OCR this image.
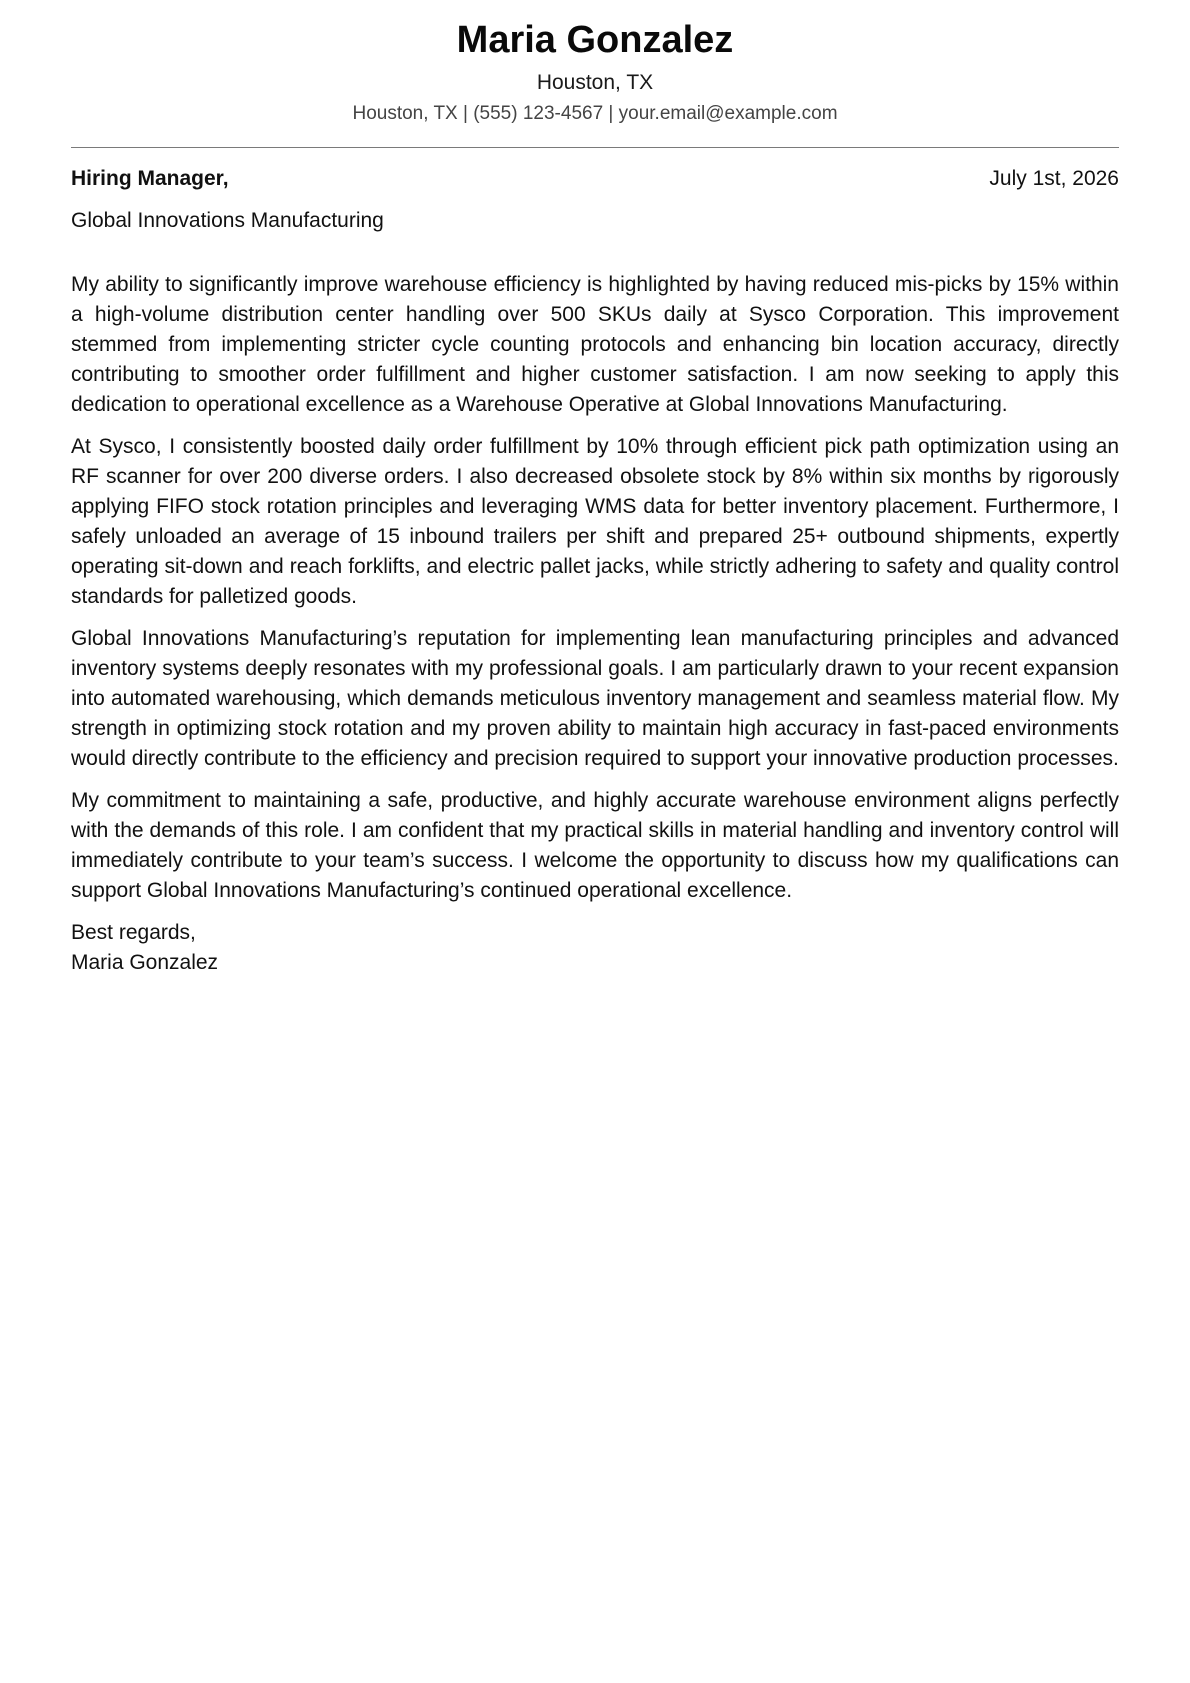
Maria Gonzalez
Houston, TX
Houston, TX | (555) 123-4567 | your.email@example.com
Hiring Manager,	July 1st, 2026
Global Innovations Manufacturing

My ability to significantly improve warehouse efficiency is highlighted by having reduced mis-picks by 15% within a high-volume distribution center handling over 500 SKUs daily at Sysco Corporation. This improvement stemmed from implementing stricter cycle counting protocols and enhancing bin location accuracy, directly contributing to smoother order fulfillment and higher customer satisfaction. I am now seeking to apply this dedication to operational excellence as a Warehouse Operative at Global Innovations Manufacturing.

At Sysco, I consistently boosted daily order fulfillment by 10% through efficient pick path optimization using an RF scanner for over 200 diverse orders. I also decreased obsolete stock by 8% within six months by rigorously applying FIFO stock rotation principles and leveraging WMS data for better inventory placement. Furthermore, I safely unloaded an average of 15 inbound trailers per shift and prepared 25+ outbound shipments, expertly operating sit-down and reach forklifts, and electric pallet jacks, while strictly adhering to safety and quality control standards for palletized goods.

Global Innovations Manufacturing’s reputation for implementing lean manufacturing principles and advanced inventory systems deeply resonates with my professional goals. I am particularly drawn to your recent expansion into automated warehousing, which demands meticulous inventory management and seamless material flow. My strength in optimizing stock rotation and my proven ability to maintain high accuracy in fast-paced environments would directly contribute to the efficiency and precision required to support your innovative production processes.

My commitment to maintaining a safe, productive, and highly accurate warehouse environment aligns perfectly with the demands of this role. I am confident that my practical skills in material handling and inventory control will immediately contribute to your team’s success. I welcome the opportunity to discuss how my qualifications can support Global Innovations Manufacturing’s continued operational excellence.

Best regards,
Maria Gonzalez
